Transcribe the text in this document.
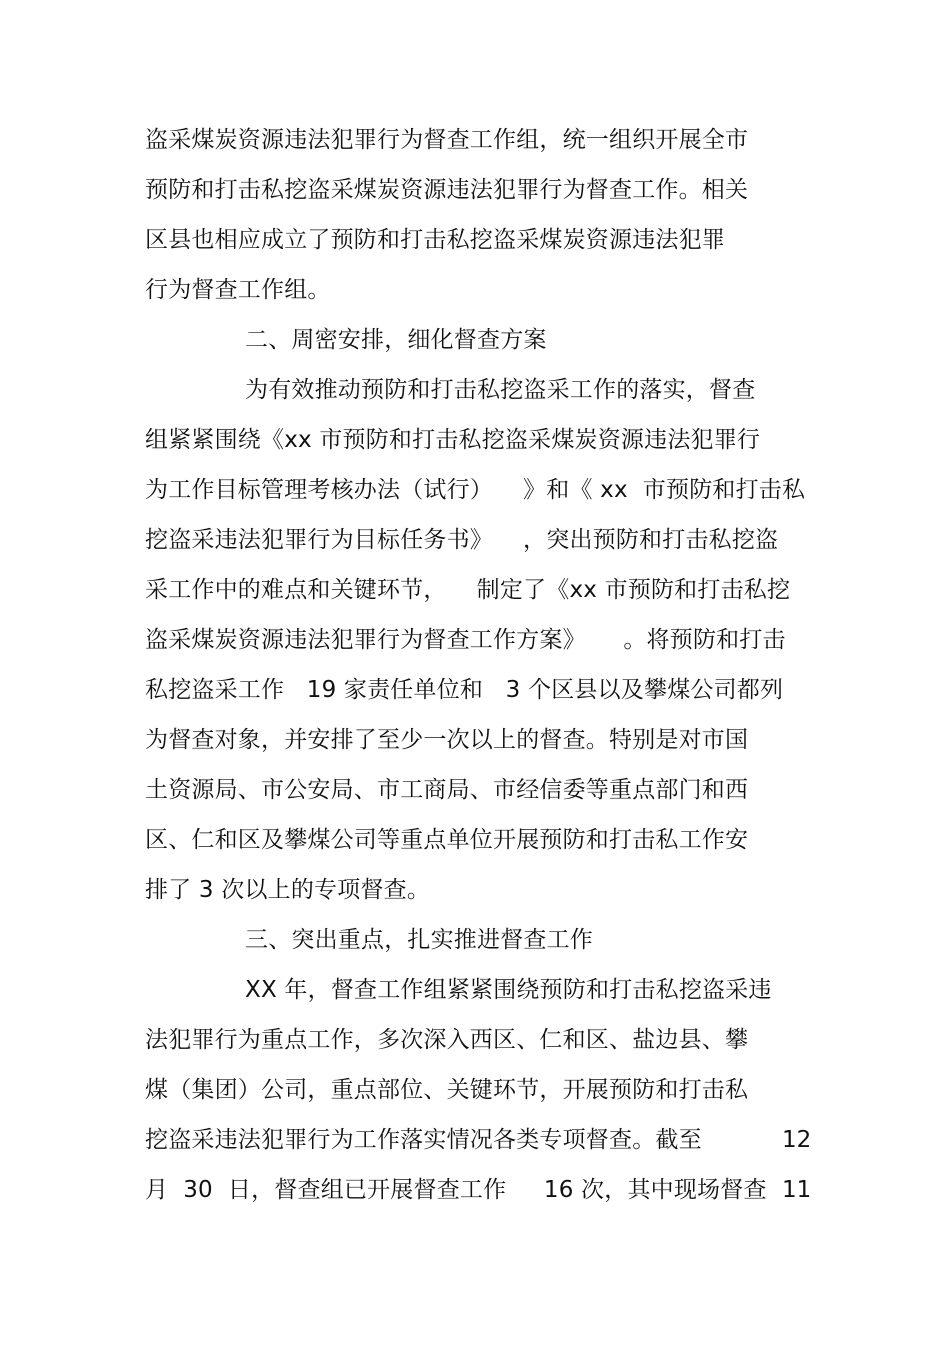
盗采煤炭资源违法犯罪行为督查工作组，统一组织开展全市
预防和打击私挖盗采煤炭资源违法犯罪行为督查工作。相关
区县也相应成立了预防和打击私挖盗采煤炭资源违法犯罪
行为督查工作组。
二、周密安排，细化督查方案
为有效推动预防和打击私挖盗采工作的落实，督查
组紧紧围绕《xx 市预防和打击私挖盗采煤炭资源违法犯罪行
为工作目标管理考核办法（试行）    》和《 xx  市预防和打击私
挖盗采违法犯罪行为目标任务书》    ，突出预防和打击私挖盗
采工作中的难点和关键环节，    制定了《xx 市预防和打击私挖
盗采煤炭资源违法犯罪行为督查工作方案》     。将预防和打击
私挖盗采工作   19 家责任单位和   3 个区县以及攀煤公司都列
为督查对象，并安排了至少一次以上的督查。特别是对市国
土资源局、市公安局、市工商局、市经信委等重点部门和西
区、仁和区及攀煤公司等重点单位开展预防和打击私工作安
排了 3 次以上的专项督查。
三、突出重点，扎实推进督查工作
XX 年，督查工作组紧紧围绕预防和打击私挖盗采违
法犯罪行为重点工作，多次深入西区、仁和区、盐边县、攀
煤（集团）公司，重点部位、关键环节，开展预防和打击私
挖盗采违法犯罪行为工作落实情况各类专项督查。截至	12
月  30  日，督查组已开展督查工作     16 次，其中现场督查 11
